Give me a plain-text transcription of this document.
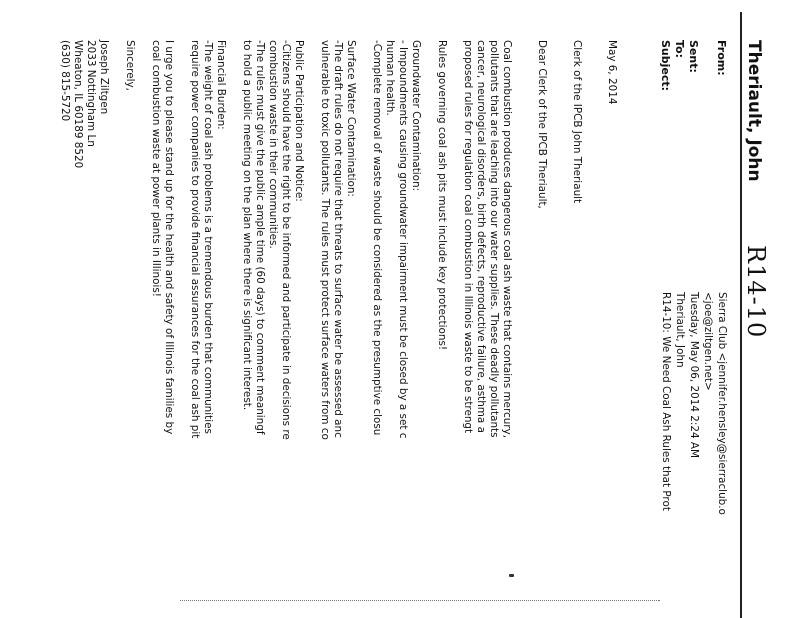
R14-10
Theriault, John
From:
Sierra Club <jennifer.hensley@sierraclub.o
<joe@ziltgen.net>
Sent:
Tuesday, May 06, 2014 2:24 AM
To:
Theriault, John
Subject:
R14-10: We Need Coal Ash Rules that Prot
May 6, 2014
Clerk of the IPCB John Theriault
Dear Clerk of the IPCB Theriault,
Coal combustion produces dangerous coal ash waste that contains mercury,
pollutants that are leaching into our water supplies. These deadly pollutants
cancer, neurological disorders, birth defects, reproductive failure, asthma a
proposed rules for regulation coal combustion in Illinois waste to be strengt
Rules governing coal ash pits must include key protections!
Groundwater Contamination:
- Impoundments causing groundwater impairment must be closed by a set c
human health.
-Complete removal of waste should be considered as the presumptive closu
Surface Water Contamination:
-The draft rules do not require that threats to surface water be assessed anc
vulnerable to toxic pollutants. The rules must protect surface waters from co
Public Participation and Notice:
-Citizens should have the right to be informed and participate in decisions re
combustion waste in their communities.
-The rules must give the public ample time (60 days) to comment meaningf
to hold a public meeting on the plan where there is significant interest.
Financial Burden:
-The weight of coal ash problems is a tremendous burden that communities
require power companies to provide financial assurances for the coal ash pit
I urge you to please stand up for the health and safety of Illinois families by
coal combustion waste at power plants in Illinois!
Sincerely,
Joseph Ziltgen
2033 Nottingham Ln
Wheaton, IL 60189 8520
(630) 815-5720
